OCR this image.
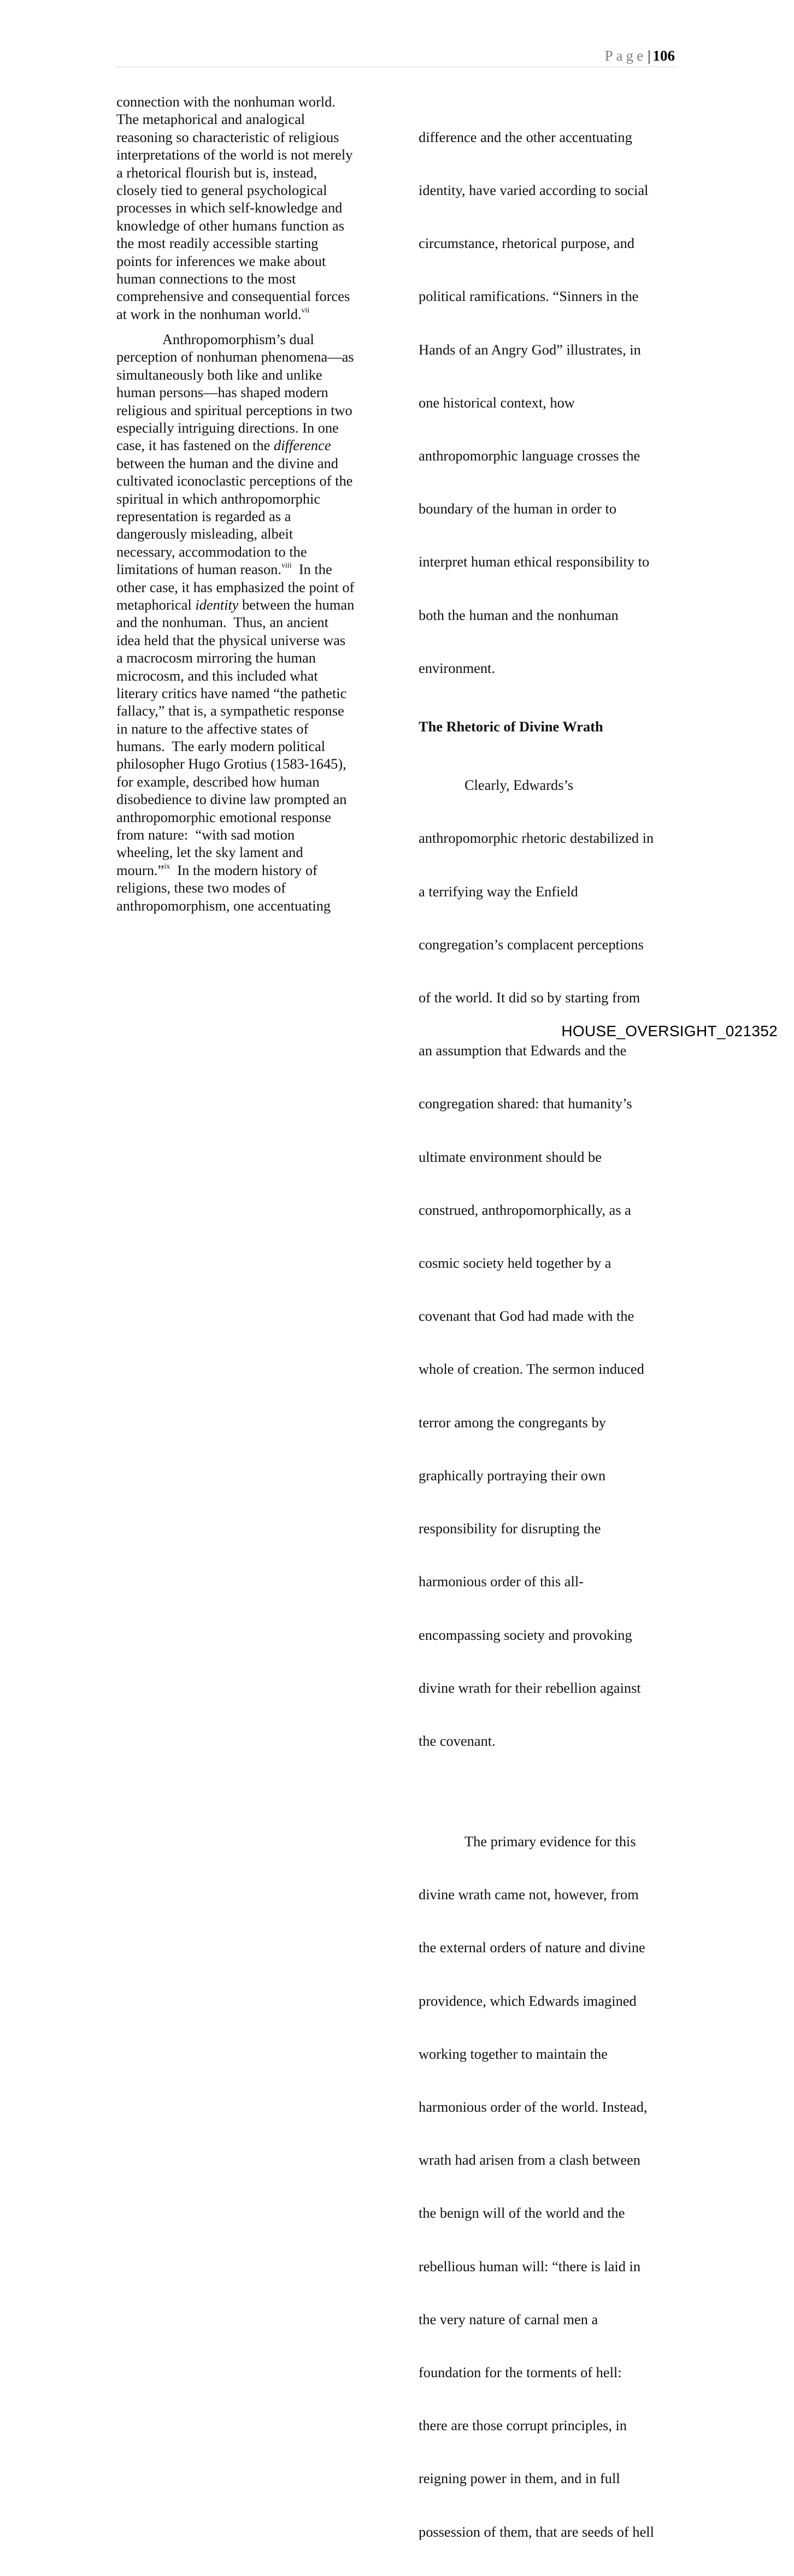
Page| 106
connection with the nonhuman world.
The metaphorical and analogical
reasoning so characteristic of religious
interpretations of the world is not merely
a rhetorical flourish but is, instead,
closely tied to general psychological
processes in which self-knowledge and
knowledge of other humans function as
the most readily accessible starting
points for inferences we make about
human connections to the most
comprehensive and consequential forces
at work in the nonhuman world.$^{vii}$
Anthropomorphism’s dual
perception of nonhuman phenomena—as
simultaneously both like and unlike
human persons—has shaped modern
religious and spiritual perceptions in two
especially intriguing directions. In one
case, it has fastened on the difference
between the human and the divine and
cultivated iconoclastic perceptions of the
spiritual in which anthropomorphic
representation is regarded as a
dangerously misleading, albeit
necessary, accommodation to the
limitations of human reason.$^{viii}$  In the
other case, it has emphasized the point of
metaphorical identity between the human
and the nonhuman.  Thus, an ancient
idea held that the physical universe was
a macrocosm mirroring the human
microcosm, and this included what
literary critics have named “the pathetic
fallacy,” that is, a sympathetic response
in nature to the affective states of
humans.  The early modern political
philosopher Hugo Grotius (1583-1645),
for example, described how human
disobedience to divine law prompted an
anthropomorphic emotional response
from nature:  “with sad motion
wheeling, let the sky lament and
mourn.”$^{ix}$  In the modern history of
religions, these two modes of
anthropomorphism, one accentuating

difference and the other accentuating

identity, have varied according to social

circumstance, rhetorical purpose, and

political ramifications. “Sinners in the

Hands of an Angry God” illustrates, in

one historical context, how

anthropomorphic language crosses the

boundary of the human in order to

interpret human ethical responsibility to

both the human and the nonhuman

environment.

The Rhetoric of Divine Wrath

Clearly, Edwards’s

anthropomorphic rhetoric destabilized in

a terrifying way the Enfield

congregation’s complacent perceptions

of the world. It did so by starting from

an assumption that Edwards and the

congregation shared: that humanity’s

ultimate environment should be

construed, anthropomorphically, as a

cosmic society held together by a

covenant that God had made with the

whole of creation. The sermon induced

terror among the congregants by

graphically portraying their own

responsibility for disrupting the

harmonious order of this all-

encompassing society and provoking

divine wrath for their rebellion against

the covenant.

The primary evidence for this

divine wrath came not, however, from

the external orders of nature and divine

providence, which Edwards imagined

working together to maintain the

harmonious order of the world. Instead,

wrath had arisen from a clash between

the benign will of the world and the

rebellious human will: “there is laid in

the very nature of carnal men a

foundation for the torments of hell:

there are those corrupt principles, in

reigning power in them, and in full

possession of them, that are seeds of hell

HOUSE_OVERSIGHT_021352
